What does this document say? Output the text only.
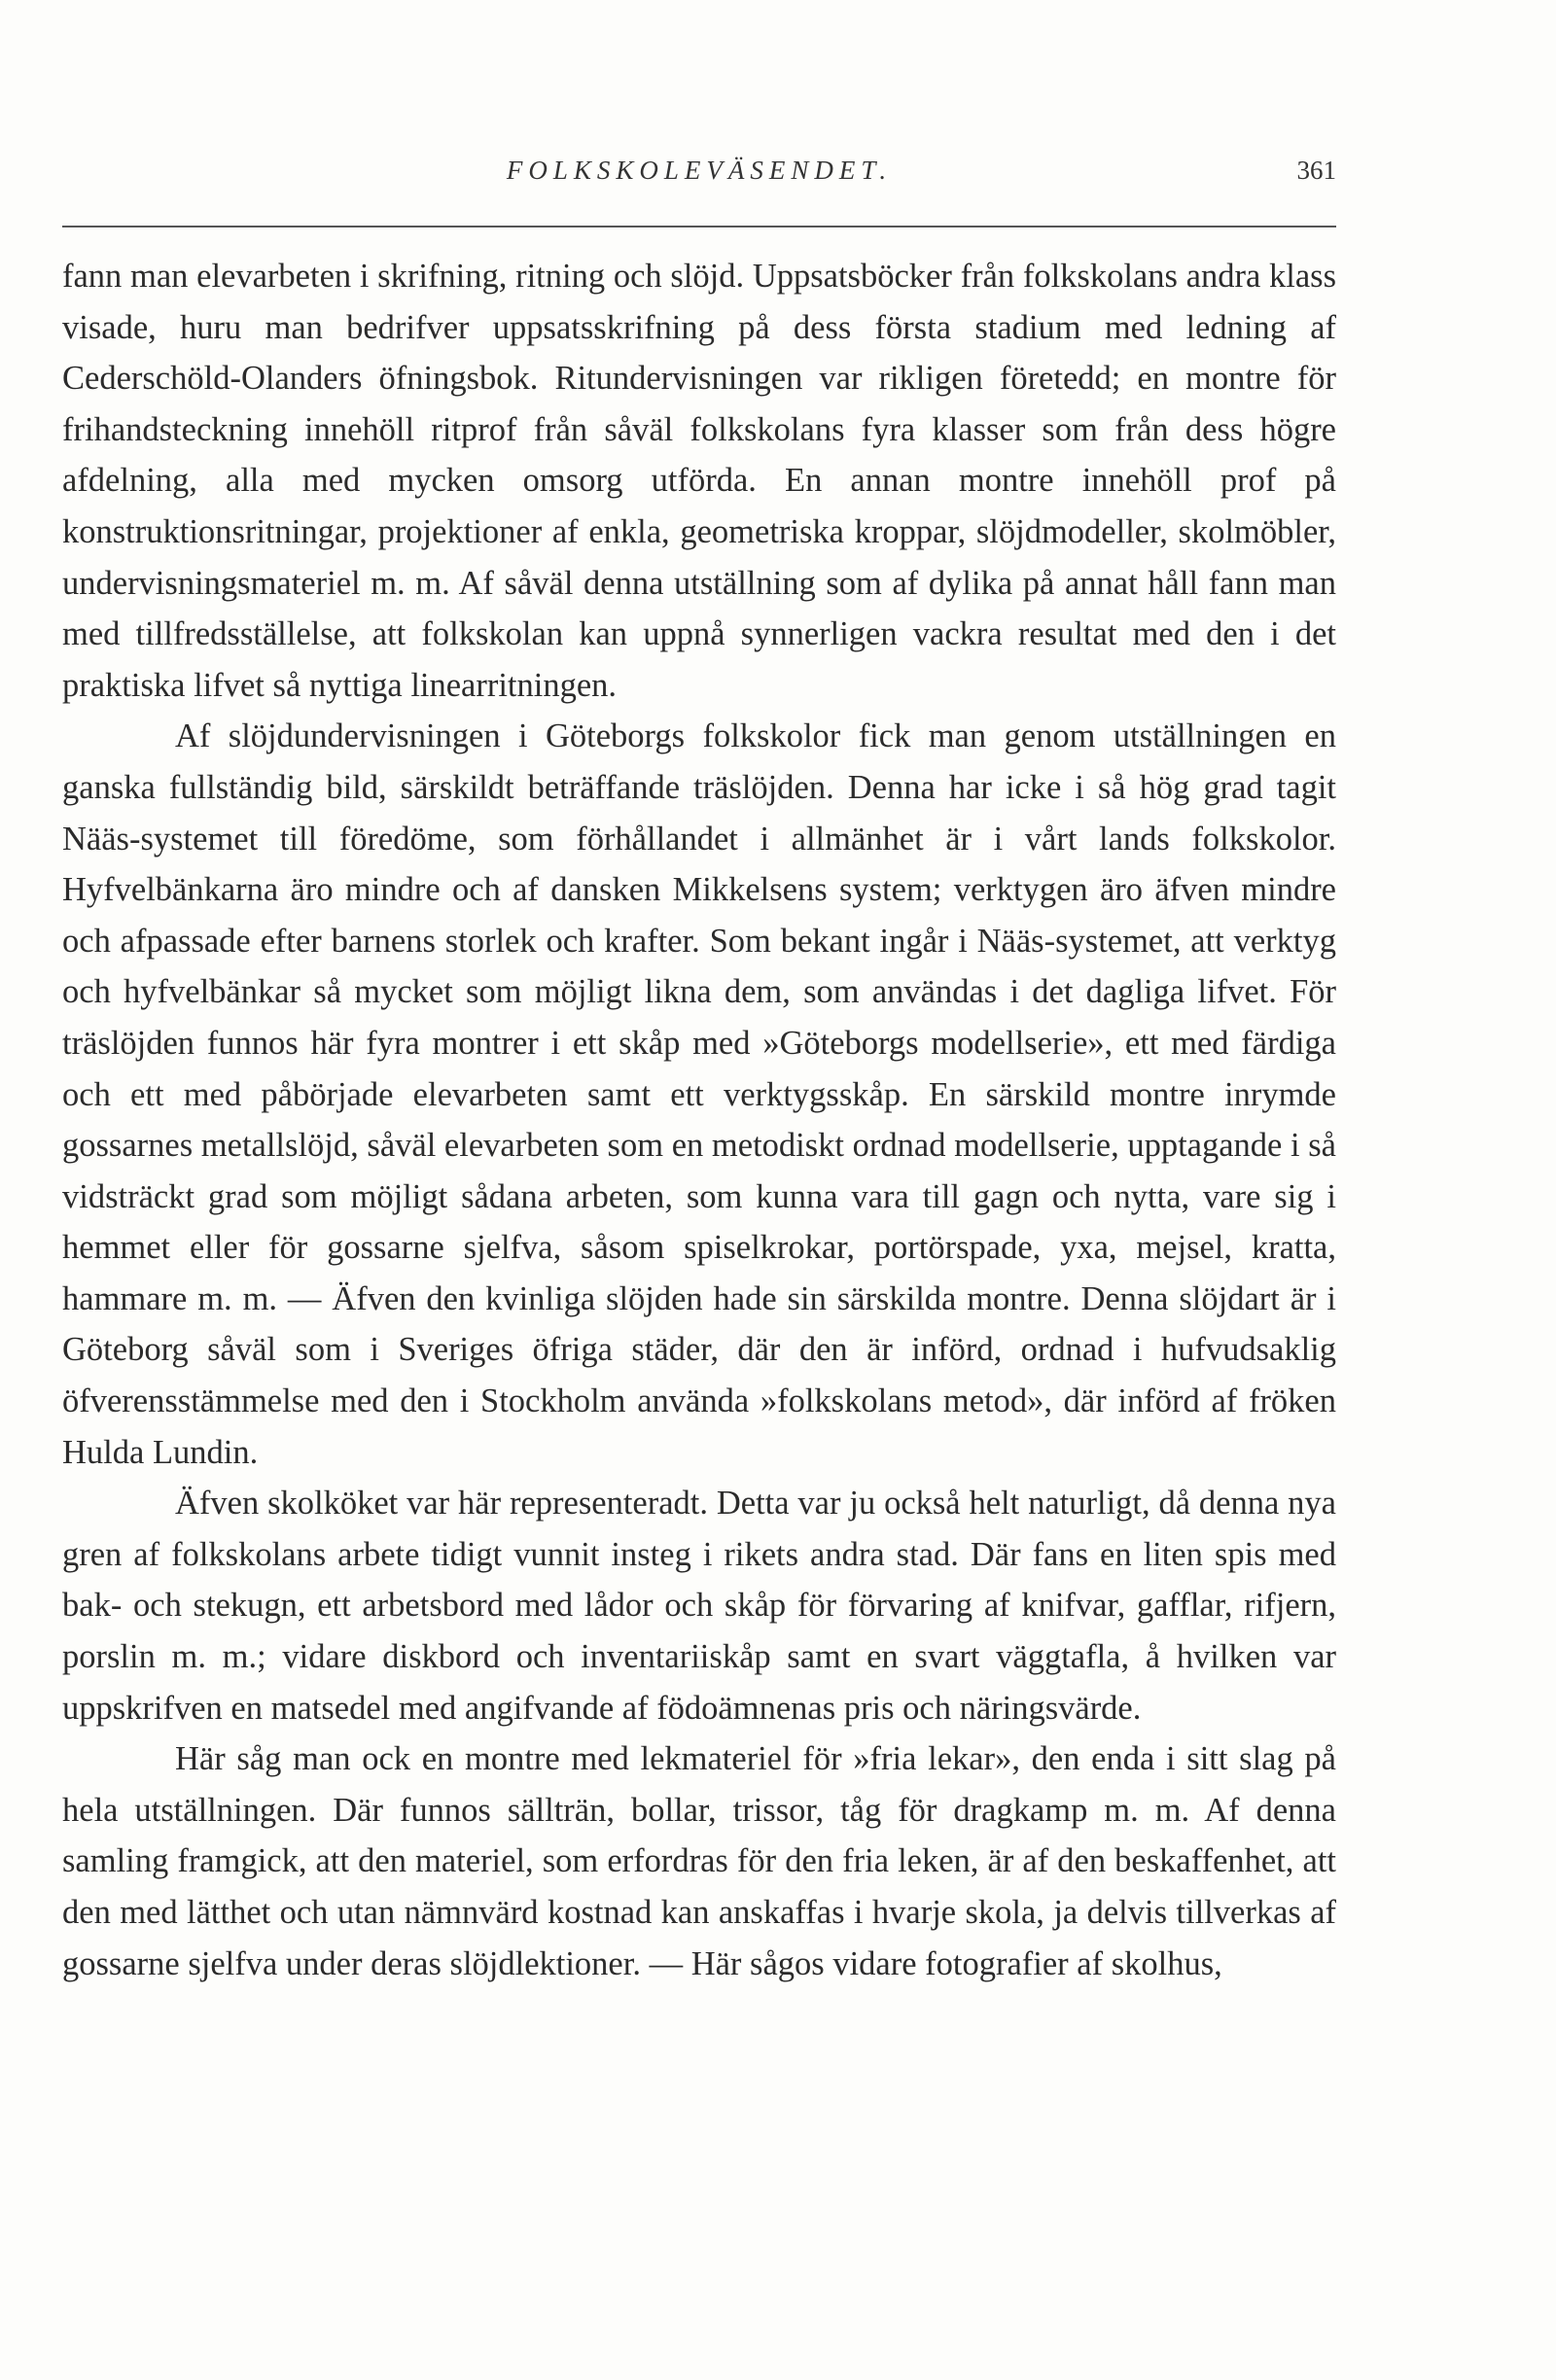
FOLKSKOLEVÄSENDET.	361

fann man elevarbeten i skrifning, ritning och slöjd. Uppsatsböcker från folkskolans andra klass visade, huru man bedrifver uppsatsskrifning på dess första stadium med ledning af Cederschöld-Olanders öfningsbok. Ritundervisningen var rikligen företedd; en montre för frihandsteckning innehöll ritprof från såväl folkskolans fyra klasser som från dess högre afdelning, alla med mycken omsorg utförda. En annan montre innehöll prof på konstruktionsritningar, projektioner af enkla, geometriska kroppar, slöjdmodeller, skolmöbler, undervisningsmateriel m. m. Af såväl denna utställning som af dylika på annat håll fann man med tillfredsställelse, att folkskolan kan uppnå synnerligen vackra resultat med den i det praktiska lifvet så nyttiga linearritningen.

Af slöjdundervisningen i Göteborgs folkskolor fick man genom utställningen en ganska fullständig bild, särskildt beträffande träslöjden. Denna har icke i så hög grad tagit Nääs-systemet till föredöme, som förhållandet i allmänhet är i vårt lands folkskolor. Hyfvelbänkarna äro mindre och af dansken Mikkelsens system; verktygen äro äfven mindre och afpassade efter barnens storlek och krafter. Som bekant ingår i Nääs-systemet, att verktyg och hyfvelbänkar så mycket som möjligt likna dem, som användas i det dagliga lifvet. För träslöjden funnos här fyra montrer i ett skåp med »Göteborgs modellserie», ett med färdiga och ett med påbörjade elevarbeten samt ett verktygsskåp. En särskild montre inrymde gossarnes metallslöjd, såväl elevarbeten som en metodiskt ordnad modellserie, upptagande i så vidsträckt grad som möjligt sådana arbeten, som kunna vara till gagn och nytta, vare sig i hemmet eller för gossarne sjelfva, såsom spiselkrokar, portörspade, yxa, mejsel, kratta, hammare m. m. — Äfven den kvinliga slöjden hade sin särskilda montre. Denna slöjdart är i Göteborg såväl som i Sveriges öfriga städer, där den är införd, ordnad i hufvudsaklig öfverensstämmelse med den i Stockholm använda »folkskolans metod», där införd af fröken Hulda Lundin.

Äfven skolköket var här representeradt. Detta var ju också helt naturligt, då denna nya gren af folkskolans arbete tidigt vunnit insteg i rikets andra stad. Där fans en liten spis med bak- och stekugn, ett arbetsbord med lådor och skåp för förvaring af knifvar, gafflar, rifjern, porslin m. m.; vidare diskbord och inventariiskåp samt en svart väggtafla, å hvilken var uppskrifven en matsedel med angifvande af födoämnenas pris och näringsvärde.

Här såg man ock en montre med lekmateriel för »fria lekar», den enda i sitt slag på hela utställningen. Där funnos sällträn, bollar, trissor, tåg för dragkamp m. m. Af denna samling framgick, att den materiel, som erfordras för den fria leken, är af den beskaffenhet, att den med lätthet och utan nämnvärd kostnad kan anskaffas i hvarje skola, ja delvis tillverkas af gossarne sjelfva under deras slöjdlektioner. — Här sågos vidare fotografier af skolhus,
